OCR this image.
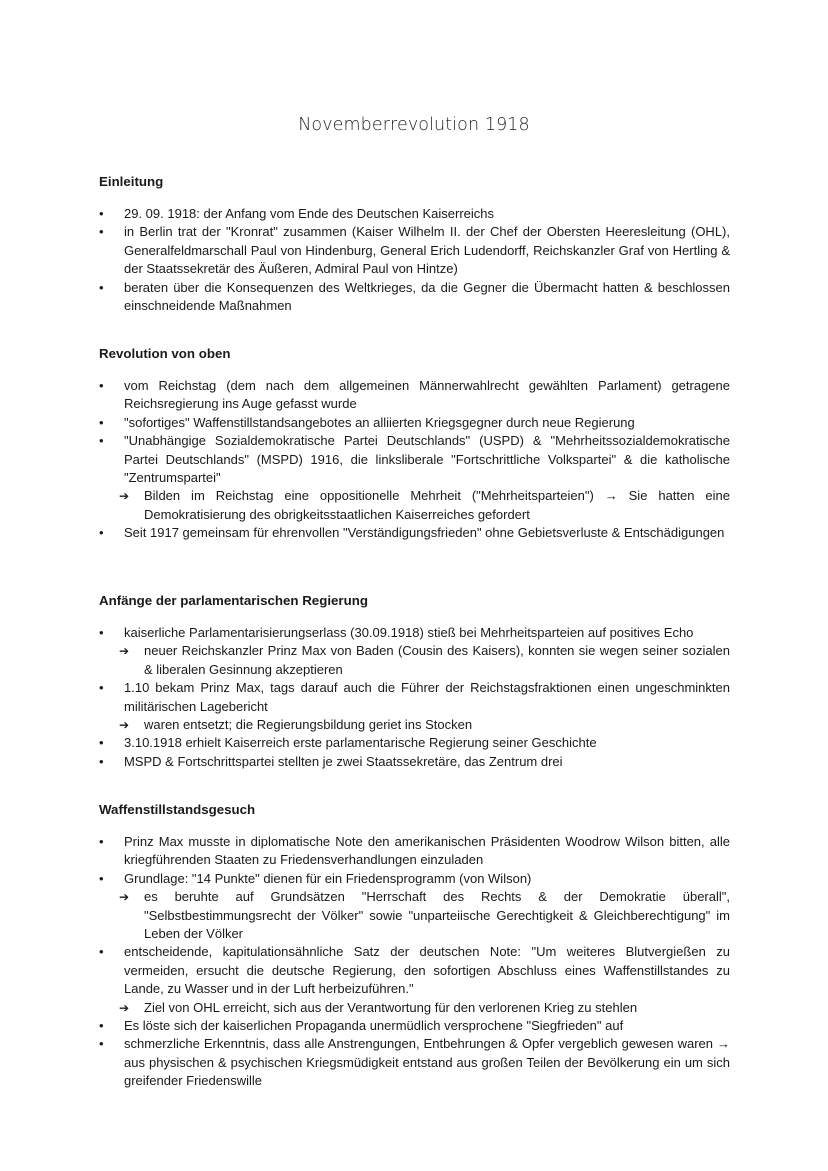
Novemberrevolution 1918
Einleitung
• 29. 09. 1918: der Anfang vom Ende des Deutschen Kaiserreichs
• in Berlin trat der "Kronrat" zusammen (Kaiser Wilhelm II. der Chef der Obersten Heeresleitung (OHL), Generalfeldmarschall Paul von Hindenburg, General Erich Ludendorff, Reichskanzler Graf von Hertling & der Staatssekretär des Äußeren, Admiral Paul von Hintze)
• beraten über die Konsequenzen des Weltkrieges, da die Gegner die Übermacht hatten & beschlossen einschneidende Maßnahmen
Revolution von oben
• vom Reichstag (dem nach dem allgemeinen Männerwahlrecht gewählten Parlament) getragene Reichsregierung ins Auge gefasst wurde
• "sofortiges" Waffenstillstandsangebotes an alliierten Kriegsgegner durch neue Regierung
• "Unabhängige Sozialdemokratische Partei Deutschlands" (USPD) & "Mehrheitssozialdemokratische Partei Deutschlands" (MSPD) 1916, die linksliberale "Fortschrittliche Volkspartei" & die katholische "Zentrumspartei"
➔ Bilden im Reichstag eine oppositionelle Mehrheit ("Mehrheitsparteien") → Sie hatten eine Demokratisierung des obrigkeitsstaatlichen Kaiserreiches gefordert
• Seit 1917 gemeinsam für ehrenvollen "Verständigungsfrieden" ohne Gebietsverluste & Entschädigungen
Anfänge der parlamentarischen Regierung
• kaiserliche Parlamentarisierungserlass (30.09.1918) stieß bei Mehrheitsparteien auf positives Echo
➔ neuer Reichskanzler Prinz Max von Baden (Cousin des Kaisers), konnten sie wegen seiner sozialen & liberalen Gesinnung akzeptieren
• 1.10 bekam Prinz Max, tags darauf auch die Führer der Reichstagsfraktionen einen ungeschminkten militärischen Lagebericht
➔ waren entsetzt; die Regierungsbildung geriet ins Stocken
• 3.10.1918 erhielt Kaiserreich erste parlamentarische Regierung seiner Geschichte
• MSPD & Fortschrittspartei stellten je zwei Staatssekretäre, das Zentrum drei
Waffenstillstandsgesuch
• Prinz Max musste in diplomatische Note den amerikanischen Präsidenten Woodrow Wilson bitten, alle kriegführenden Staaten zu Friedensverhandlungen einzuladen
• Grundlage: "14 Punkte" dienen für ein Friedensprogramm (von Wilson)
➔ es beruhte auf Grundsätzen "Herrschaft des Rechts & der Demokratie überall", "Selbstbestimmungsrecht der Völker" sowie "unparteiische Gerechtigkeit & Gleichberechtigung" im Leben der Völker
• entscheidende, kapitulationsähnliche Satz der deutschen Note: "Um weiteres Blutvergießen zu vermeiden, ersucht die deutsche Regierung, den sofortigen Abschluss eines Waffenstillstandes zu Lande, zu Wasser und in der Luft herbeizuführen."
➔ Ziel von OHL erreicht, sich aus der Verantwortung für den verlorenen Krieg zu stehlen
• Es löste sich der kaiserlichen Propaganda unermüdlich versprochene "Siegfrieden" auf
• schmerzliche Erkenntnis, dass alle Anstrengungen, Entbehrungen & Opfer vergeblich gewesen waren → aus physischen & psychischen Kriegsmüdigkeit entstand aus großen Teilen der Bevölkerung ein um sich greifender Friedenswille
